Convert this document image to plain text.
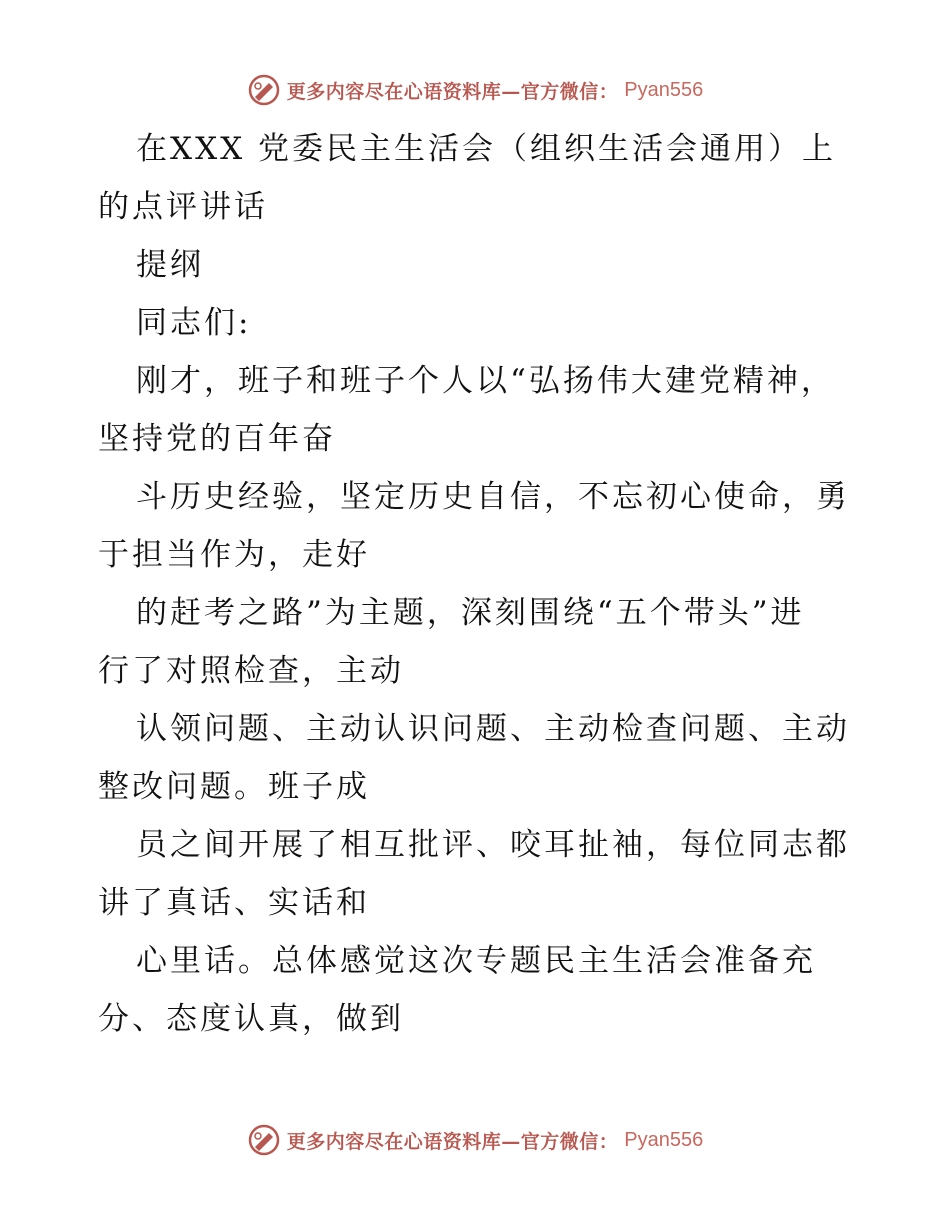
更多内容尽在心语资料库—官方微信： Pyan556
在XXX 党委民主生活会（组织生活会通用）上
的点评讲话
提纲
同志们:
刚才，班子和班子个人以“弘扬伟大建党精神，
坚持党的百年奋
斗历史经验，坚定历史自信，不忘初心使命，勇
于担当作为，走好
的赶考之路”为主题，深刻围绕“五个带头”进
行了对照检查，主动
认领问题、主动认识问题、主动检查问题、主动
整改问题。班子成
员之间开展了相互批评、咬耳扯袖，每位同志都
讲了真话、实话和
心里话。总体感觉这次专题民主生活会准备充
分、态度认真，做到
更多内容尽在心语资料库—官方微信： Pyan556
